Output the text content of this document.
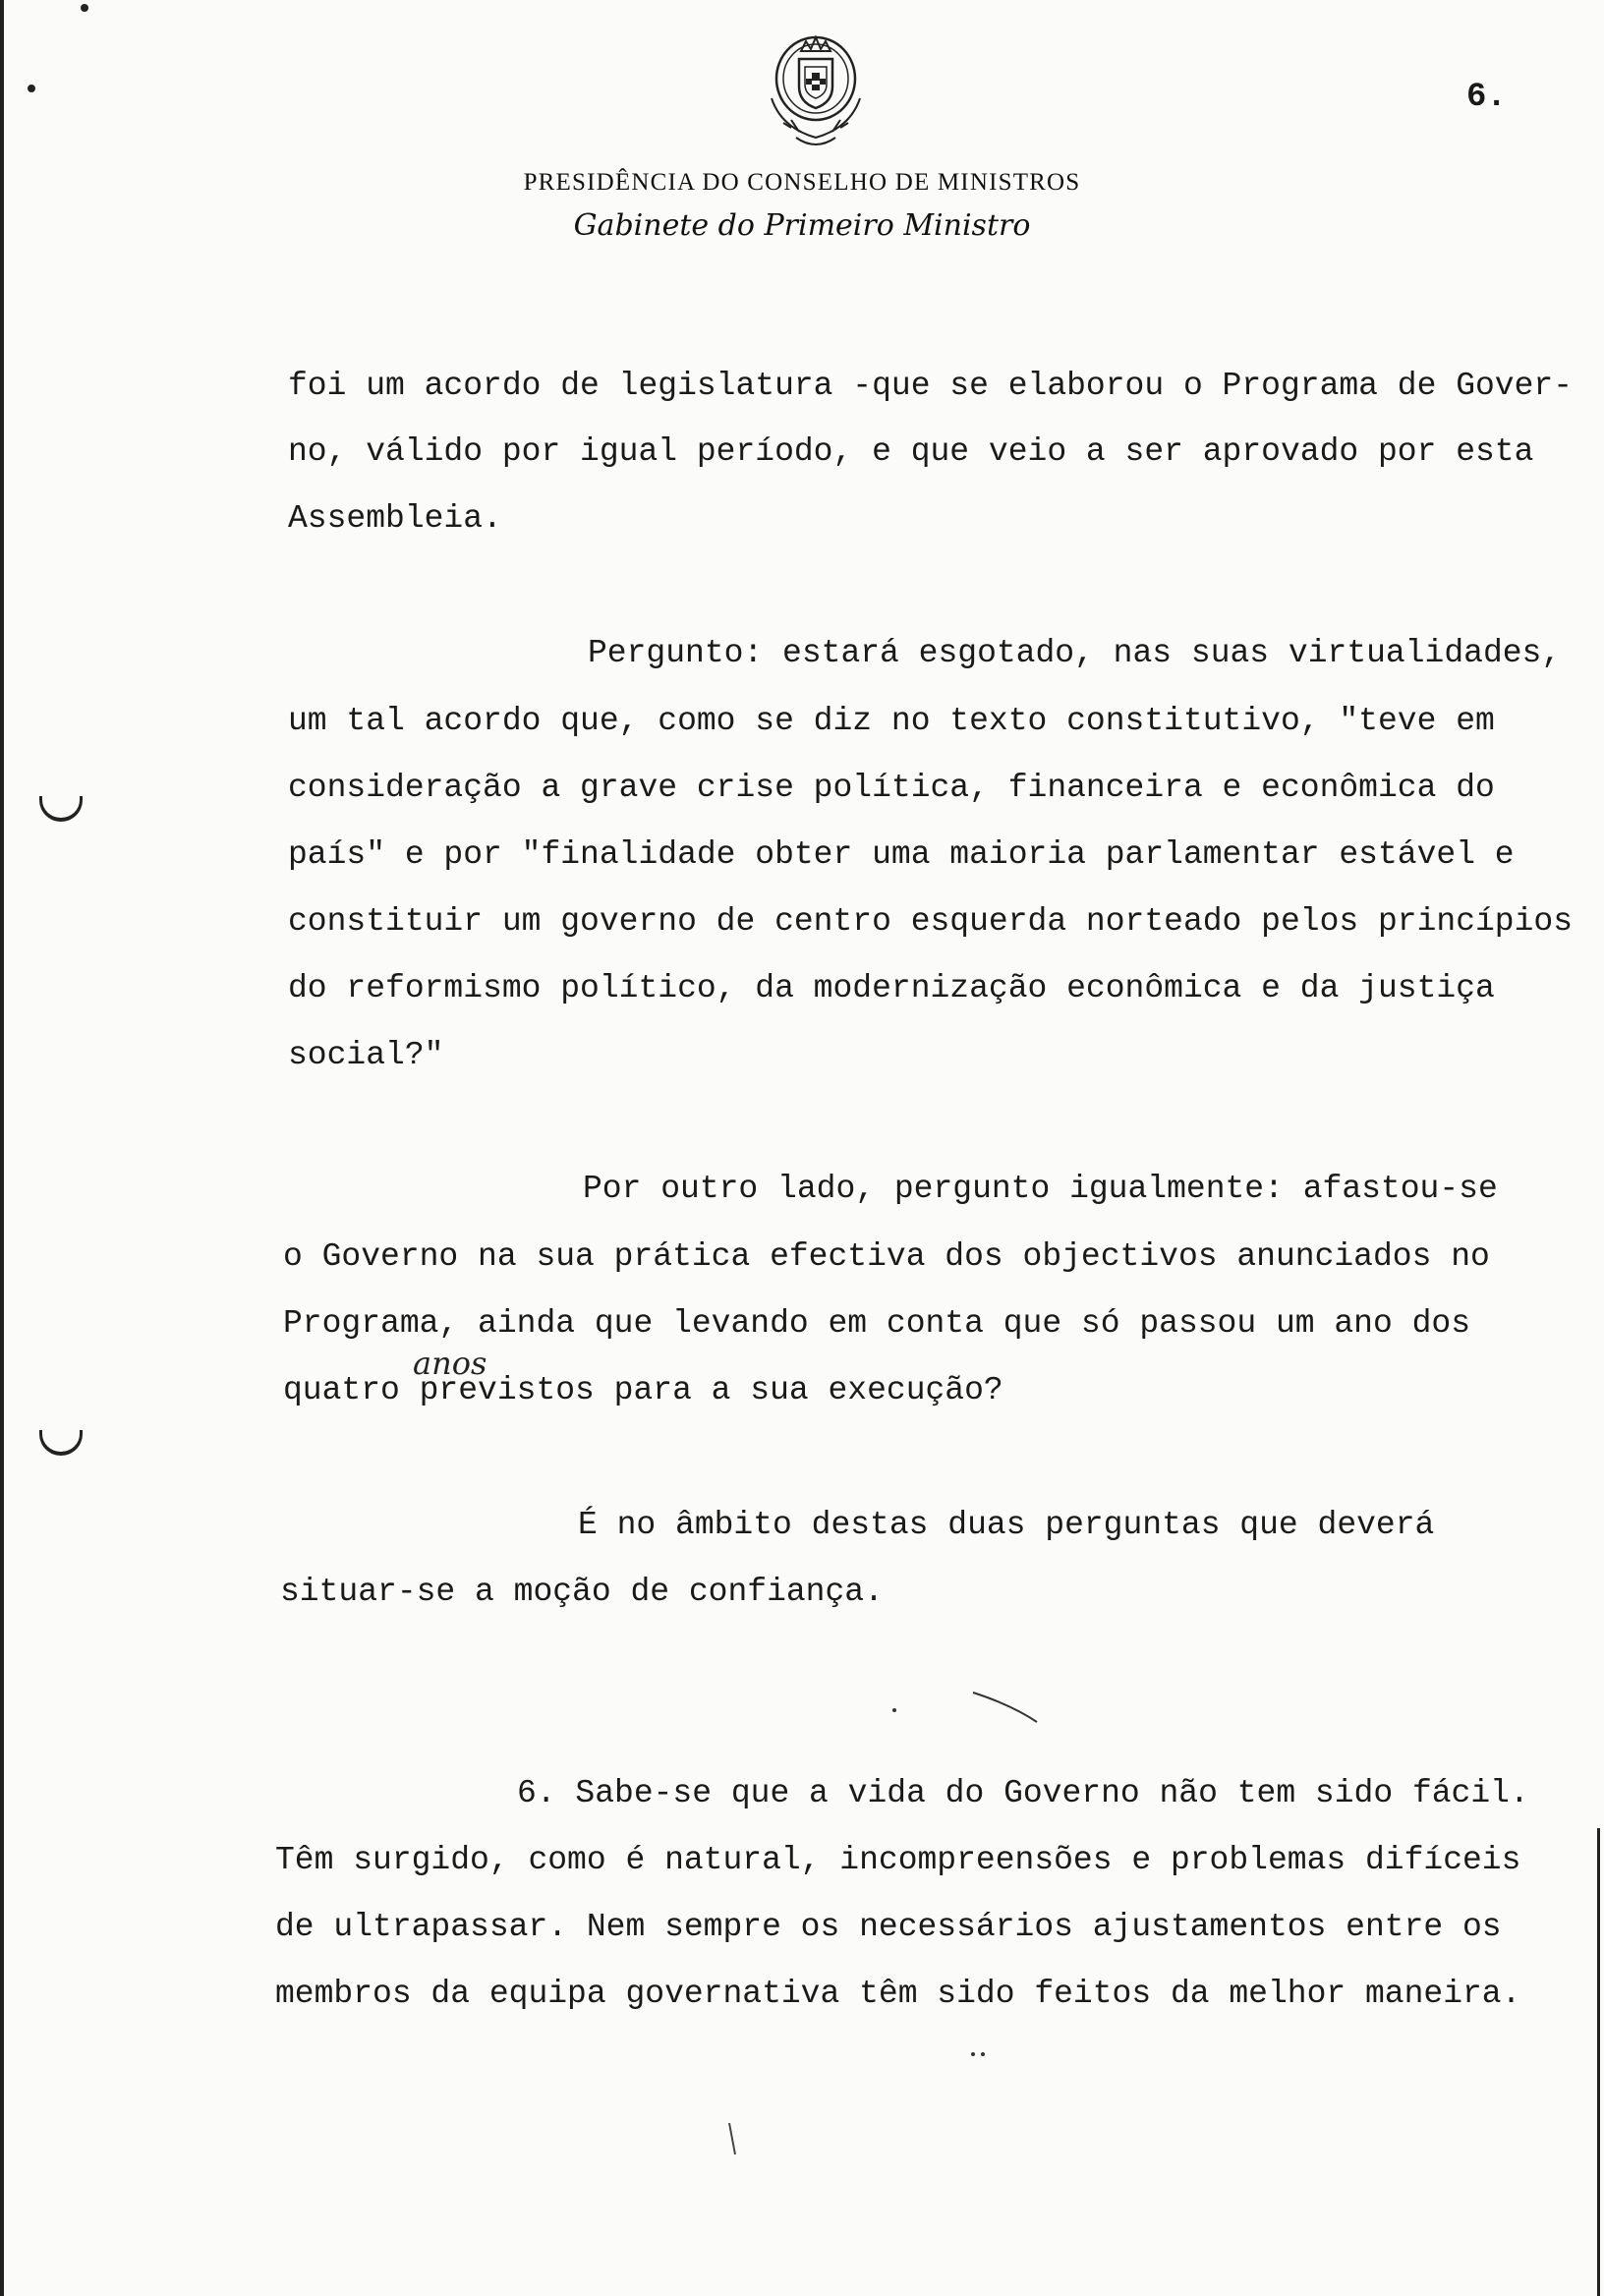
6.
PRESIDÊNCIA DO CONSELHO DE MINISTROS
Gabinete do Primeiro Ministro
foi um acordo de legislatura -que se elaborou o Programa de Gover-
no, válido por igual período, e que veio a ser aprovado por esta
Assembleia.
Pergunto: estará esgotado, nas suas virtualidades,
um tal acordo que, como se diz no texto constitutivo, "teve em
consideração a grave crise política, financeira e econômica do
país" e por "finalidade obter uma maioria parlamentar estável e
constituir um governo de centro esquerda norteado pelos princípios
do reformismo político, da modernização econômica e da justiça
social?"
Por outro lado, pergunto igualmente: afastou-se
o Governo na sua prática efectiva dos objectivos anunciados no
Programa, ainda que levando em conta que só passou um ano dos
quatro previstos para a sua execução?
anos
É no âmbito destas duas perguntas que deverá
situar-se a moção de confiança.
6. Sabe-se que a vida do Governo não tem sido fácil.
Têm surgido, como é natural, incompreensões e problemas difíceis
de ultrapassar. Nem sempre os necessários ajustamentos entre os
membros da equipa governativa têm sido feitos da melhor maneira.
